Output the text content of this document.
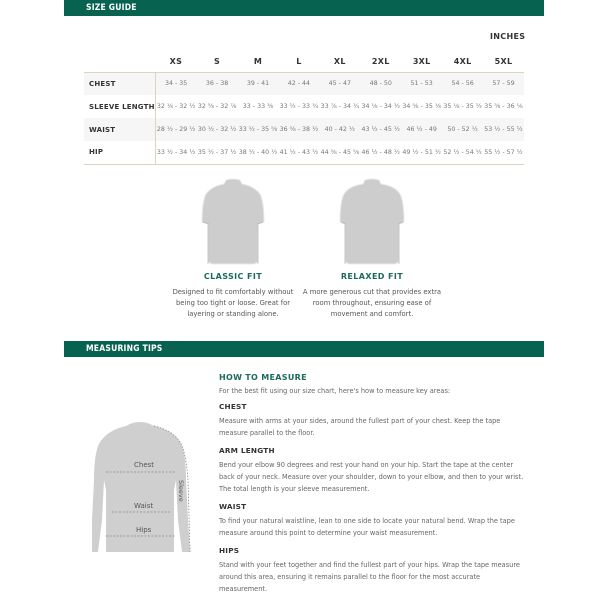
SIZE GUIDE
INCHES
	XS	S	M	L	XL	2XL	3XL	4XL	5XL
CHEST	34 - 35	36 - 38	39 - 41	42 - 44	45 - 47	48 - 50	51 - 53	54 - 56	57 - 59
SLEEVE LENGTH	32 ⅛ - 32 ½	32 ⅝ - 32 ⅞	33 - 33 ⅜	33 ½ - 33 ¾	33 ⅞ - 34 ¼	34 ⅛ - 34 ½	34 ⅝ - 35 ⅛	35 ⅛ - 35 ½	35 ⅝ - 36 ⅛
WAIST	28 ½ - 29 ½	30 ½ - 32 ½	33 ½ - 35 ⅝	36 ⅝ - 38 ½	40 - 42 ½	43 ½ - 45 ½	46 ½ - 49	50 - 52 ½	53 ½ - 55 ½
HIP	33 ½ - 34 ½	35 ½ - 37 ½	38 ½ - 40 ½	41 ½ - 43 ½	44 ⅝ - 45 ⅝	46 ½ - 48 ½	49 ½ - 51 ½	52 ½ - 54 ½	55 ½ - 57 ½
CLASSIC FIT
Designed to fit comfortably without being too tight or loose. Great for layering or standing alone.
RELAXED FIT
A more generous cut that provides extra room throughout, ensuring ease of movement and comfort.
MEASURING TIPS
Chest
Waist
Hips
Sleeve
HOW TO MEASURE
For the best fit using our size chart, here's how to measure key areas:
CHEST
Measure with arms at your sides, around the fullest part of your chest. Keep the tape measure parallel to the floor.
ARM LENGTH
Bend your elbow 90 degrees and rest your hand on your hip. Start the tape at the center back of your neck. Measure over your shoulder, down to your elbow, and then to your wrist. The total length is your sleeve measurement.
WAIST
To find your natural waistline, lean to one side to locate your natural bend. Wrap the tape measure around this point to determine your waist measurement.
HIPS
Stand with your feet together and find the fullest part of your hips. Wrap the tape measure around this area, ensuring it remains parallel to the floor for the most accurate measurement.
